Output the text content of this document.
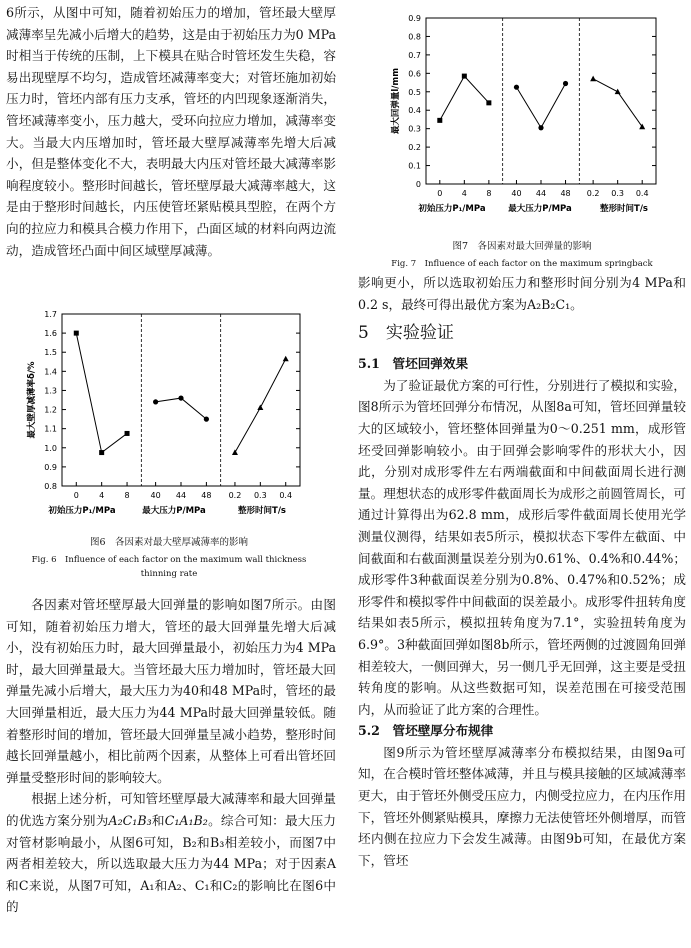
6所示，从图中可知，随着初始压力的增加，管坯最大壁厚减薄率呈先减小后增大的趋势，这是由于初始压力为0 MPa时相当于传统的压制，上下模具在贴合时管坯发生失稳，容易出现壁厚不均匀，造成管坯减薄率变大；对管坯施加初始压力时，管坯内部有压力支承，管坯的内凹现象逐渐消失，管坯减薄率变小，压力越大，受环向拉应力增加，减薄率变大。当最大内压增加时，管坯最大壁厚减薄率先增大后减小，但是整体变化不大，表明最大内压对管坯最大减薄率影响程度较小。整形时间越长，管坯壁厚最大减薄率越大，这是由于整形时间越长，内压使管坯紧贴模具型腔，在两个方向的拉应力和模具合模力作用下，凸面区域的材料向两边流动，造成管坯凸面中间区域壁厚减薄。

0.8
0.9
1.0
1.1
1.2
1.3
1.4
1.5
1.6
1.7
最大壁厚减薄率δ/%
0	4	8	40 44 48 0.2 0.3 0.4
初始压力P₁/MPa	最大压力P/MPa	整形时间T/s
图6　各因素对最大壁厚减薄率的影响
Fig. 6　Influence of each factor on the maximum wall thickness
thinning rate

各因素对管坯壁厚最大回弹量的影响如图7所示。由图可知，随着初始压力增大，管坯的最大回弹量先增大后减小，没有初始压力时，最大回弹量最小，初始压力为4 MPa时，最大回弹量最大。当管坯最大压力增加时，管坯最大回弹量先减小后增大，最大压力为40和48 MPa时，管坯的最大回弹量相近，最大压力为44 MPa时最大回弹量较低。随着整形时间的增加，管坯最大回弹量呈减小趋势，整形时间越长回弹量越小，相比前两个因素，从整体上可看出管坯回弹量受整形时间的影响较大。

根据上述分析，可知管坯壁厚最大减薄率和最大回弹量的优选方案分别为A₂C₁B₃和C₁A₁B₂。综合可知：最大压力对管材影响最小，从图6可知，B₂和B₃相差较小，而图7中两者相差较大，所以选取最大压力为44 MPa；对于因素A和C来说，从图7可知，A₁和A₂、C₁和C₂的影响比在图6中的

0
0.1
0.2
0.3
0.4
0.5
0.6
0.7
0.8
0.9
最大回弹量l/mm
0 4 8 40 44 48 0.2 0.3 0.4
初始压力P₁/MPa	最大压力P/MPa	整形时间T/s
图7　各因素对最大回弹量的影响
Fig. 7　Influence of each factor on the maximum springback

影响更小，所以选取初始压力和整形时间分别为4 MPa和0.2 s，最终可得出最优方案为A₂B₂C₁。

5　实验验证

5.1　管坯回弹效果

为了验证最优方案的可行性，分别进行了模拟和实验，图8所示为管坯回弹分布情况，从图8a可知，管坯回弹量较大的区域较小，管坯整体回弹量为0～0.251 mm，成形管坯受回弹影响较小。由于回弹会影响零件的形状大小，因此，分别对成形零件左右两端截面和中间截面周长进行测量。理想状态的成形零件截面周长为成形之前圆管周长，可通过计算得出为62.8 mm，成形后零件截面周长使用光学测量仪测得，结果如表5所示，模拟状态下零件左截面、中间截面和右截面测量误差分别为0.61%、0.4%和0.44%；成形零件3种截面误差分别为0.8%、0.47%和0.52%；成形零件和模拟零件中间截面的误差最小。成形零件扭转角度结果如表5所示，模拟扭转角度为7.1°，实验扭转角度为6.9°。3种截面回弹如图8b所示，管坯两侧的过渡圆角回弹相差较大，一侧回弹大，另一侧几乎无回弹，这主要是受扭转角度的影响。从这些数据可知，误差范围在可接受范围内，从而验证了此方案的合理性。

5.2　管坯壁厚分布规律

图9所示为管坯壁厚减薄率分布模拟结果，由图9a可知，在合模时管坯整体减薄，并且与模具接触的区域减薄率更大，由于管坯外侧受压应力，内侧受拉应力，在内压作用下，管坯外侧紧贴模具，摩擦力无法使管坯外侧增厚，而管坯内侧在拉应力下会发生减薄。由图9b可知，在最优方案下，管坯
